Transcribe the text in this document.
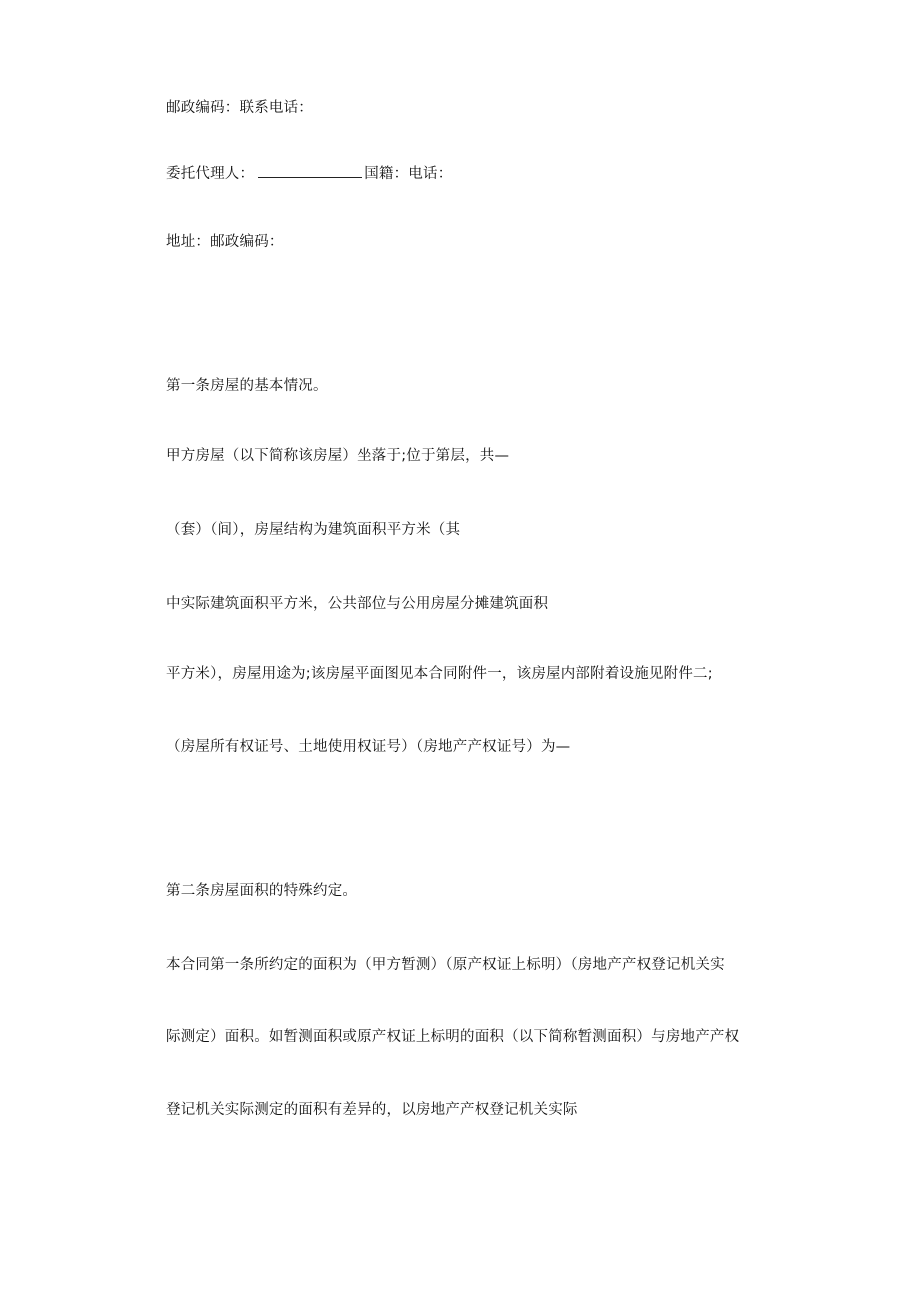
邮政编码：联系电话：
委托代理人：	国籍：电话：
地址：邮政编码：
第一条房屋的基本情况。
甲方房屋（以下简称该房屋）坐落于;位于第层，共—
（套）（间），房屋结构为建筑面积平方米（其
中实际建筑面积平方米，公共部位与公用房屋分摊建筑面积
平方米），房屋用途为;该房屋平面图见本合同附件一，该房屋内部附着设施见附件二;
（房屋所有权证号、土地使用权证号）（房地产产权证号）为—
第二条房屋面积的特殊约定。
本合同第一条所约定的面积为（甲方暂测）（原产权证上标明）（房地产产权登记机关实
际测定）面积。如暂测面积或原产权证上标明的面积（以下简称暂测面积）与房地产产权
登记机关实际测定的面积有差异的，以房地产产权登记机关实际
